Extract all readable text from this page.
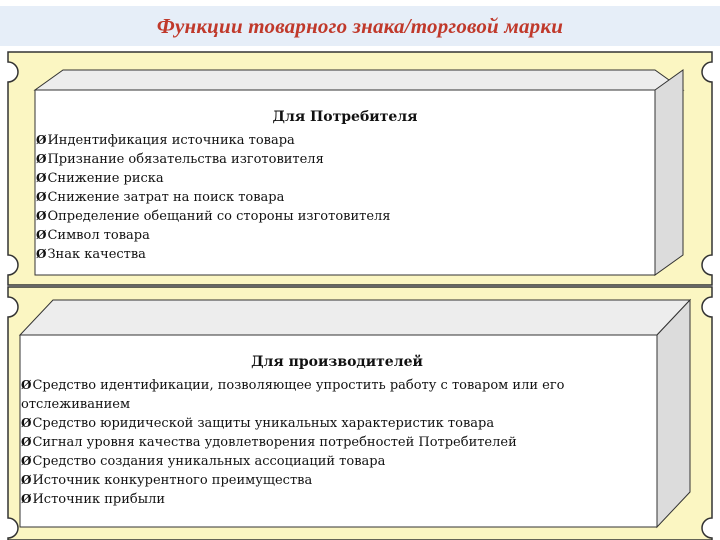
Функции товарного знака/торговой марки
Для Потребителя
ØИндентификация источника товара
ØПризнание обязательства изготовителя
ØСнижение риска
ØСнижение затрат на поиск товара
ØОпределение обещаний со стороны изготовителя
ØСимвол товара
ØЗнак качества
Для производителей
ØСредство идентификации, позволяющее упростить работу с товаром или его отслеживанием
ØСредство юридической защиты уникальных характеристик товара
ØСигнал уровня качества удовлетворения потребностей Потребителей
ØСредство создания уникальных ассоциаций товара
ØИсточник конкурентного преимущества
ØИсточник прибыли
